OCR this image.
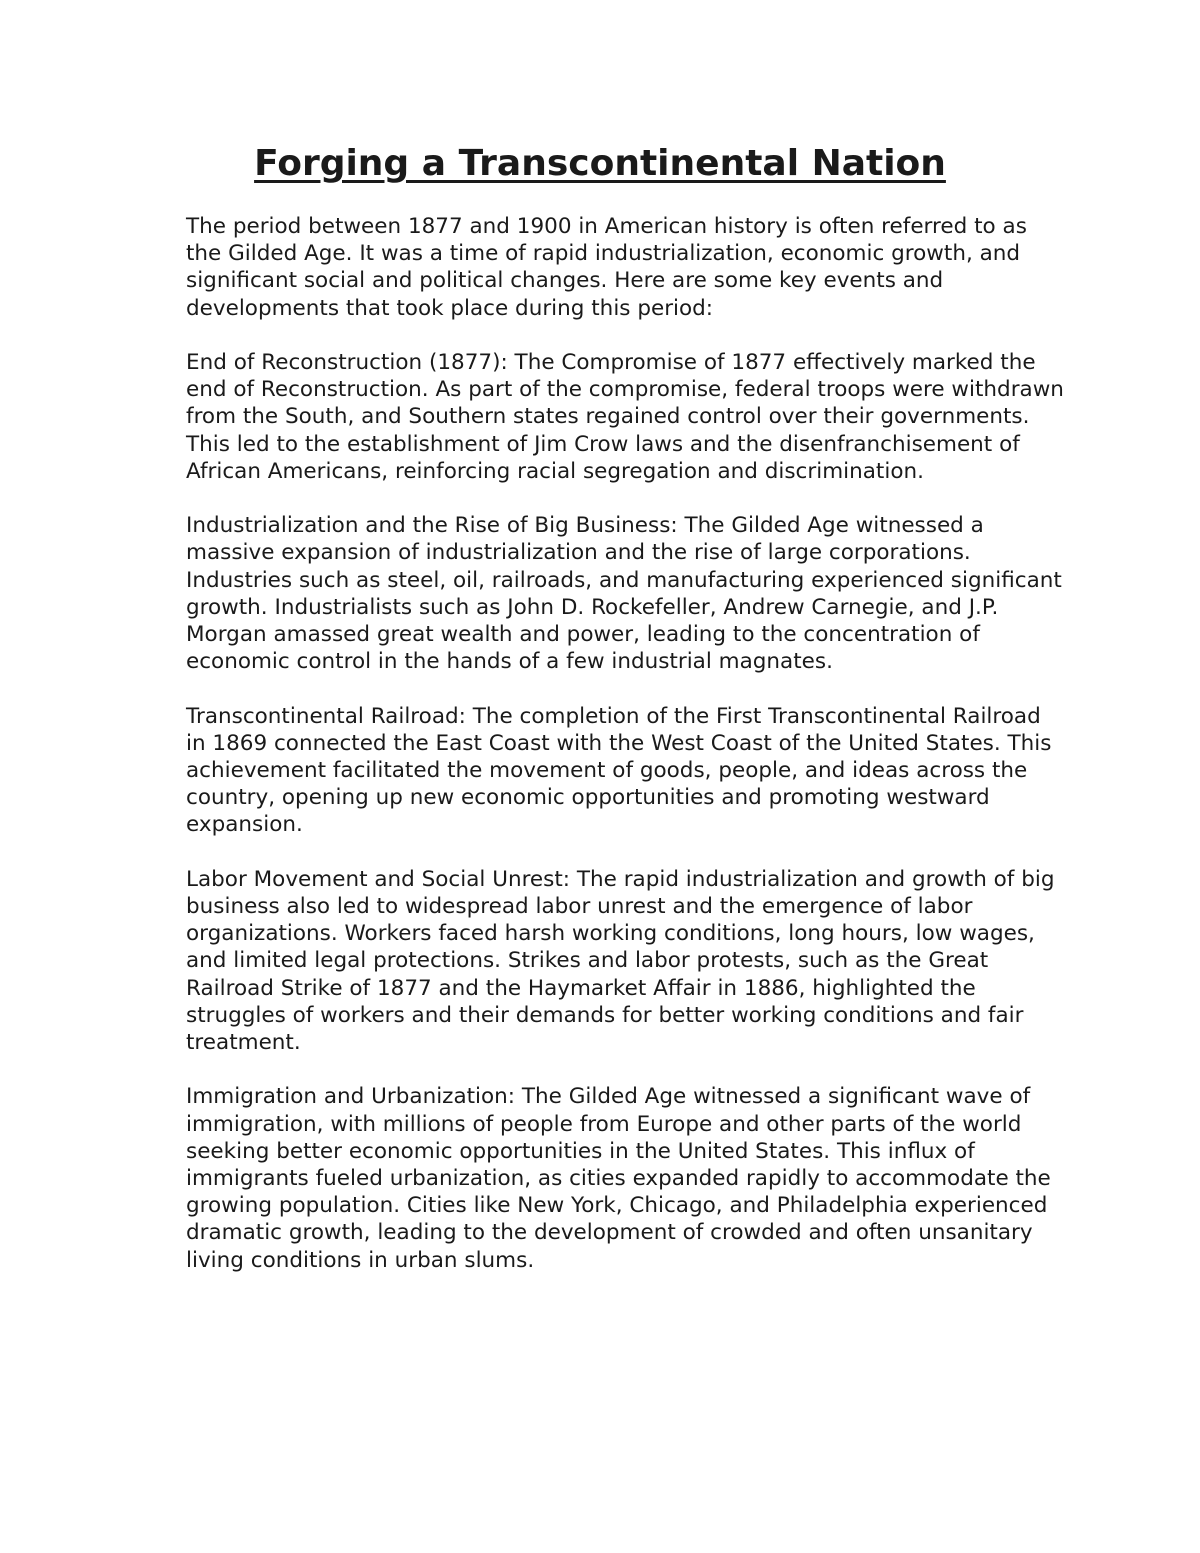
Forging a Transcontinental Nation

The period between 1877 and 1900 in American history is often referred to as the Gilded Age. It was a time of rapid industrialization, economic growth, and significant social and political changes. Here are some key events and developments that took place during this period:

End of Reconstruction (1877): The Compromise of 1877 effectively marked the end of Reconstruction. As part of the compromise, federal troops were withdrawn from the South, and Southern states regained control over their governments. This led to the establishment of Jim Crow laws and the disenfranchisement of African Americans, reinforcing racial segregation and discrimination.

Industrialization and the Rise of Big Business: The Gilded Age witnessed a massive expansion of industrialization and the rise of large corporations. Industries such as steel, oil, railroads, and manufacturing experienced significant growth. Industrialists such as John D. Rockefeller, Andrew Carnegie, and J.P. Morgan amassed great wealth and power, leading to the concentration of economic control in the hands of a few industrial magnates.

Transcontinental Railroad: The completion of the First Transcontinental Railroad in 1869 connected the East Coast with the West Coast of the United States. This achievement facilitated the movement of goods, people, and ideas across the country, opening up new economic opportunities and promoting westward expansion.

Labor Movement and Social Unrest: The rapid industrialization and growth of big business also led to widespread labor unrest and the emergence of labor organizations. Workers faced harsh working conditions, long hours, low wages, and limited legal protections. Strikes and labor protests, such as the Great Railroad Strike of 1877 and the Haymarket Affair in 1886, highlighted the struggles of workers and their demands for better working conditions and fair treatment.

Immigration and Urbanization: The Gilded Age witnessed a significant wave of immigration, with millions of people from Europe and other parts of the world seeking better economic opportunities in the United States. This influx of immigrants fueled urbanization, as cities expanded rapidly to accommodate the growing population. Cities like New York, Chicago, and Philadelphia experienced dramatic growth, leading to the development of crowded and often unsanitary living conditions in urban slums.
